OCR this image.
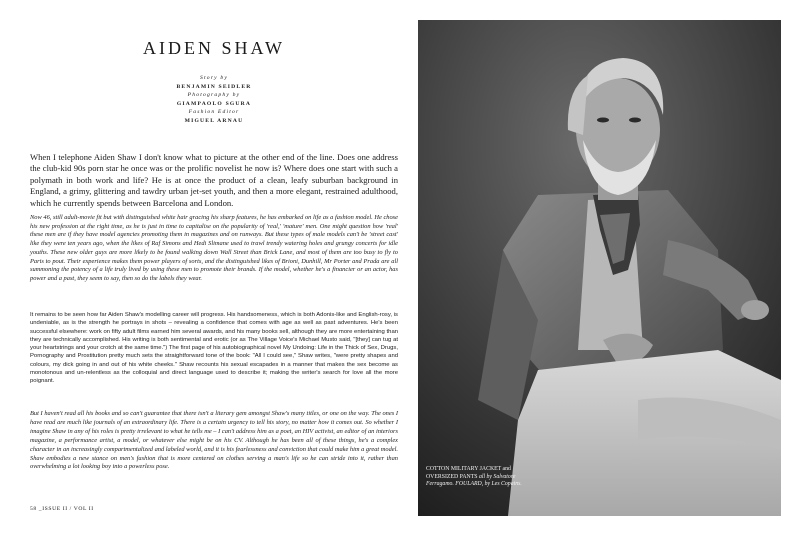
AIDEN SHAW
Story by
BENJAMIN SEIDLER
Photography by
GIAMPAOLO SGURA
Fashion Editor
MIGUEL ARNAU

When I telephone Aiden Shaw I don't know what to picture at the other end of the line. Does one address the club-kid 90s porn star he once was or the prolific novelist he now is? Where does one start with such a polymath in both work and life? He is at once the product of a clean, leafy suburban background in England, a grimy, glittering and tawdry urban jet-set youth, and then a more elegant, restrained adulthood, which he currently spends between Barcelona and London.

Now 46, still adult-movie fit but with distinguished white hair gracing his sharp features, he has embarked on life as a fashion model. He chose his new profession at the right time, as he is just in time to capitalise on the popularity of 'real,' 'mature' men. One might question how 'real' these men are if they have model agencies promoting them in magazines and on runways. But these types of male models can't be 'street cast' like they were ten years ago, when the likes of Raf Simons and Hedi Slimane used to trawl trendy watering holes and grungy concerts for idle youths. These new older guys are more likely to be found walking down Wall Street than Brick Lane, and most of them are too busy to fly to Paris to pout. Their experience makes them power players of sorts, and the distinguished likes of Brioni, Dunhill, Mr Porter and Prada are all summoning the potency of a life truly lived by using these men to promote their brands. If the model, whether he's a financier or an actor, has power and a past, they seem to say, then so do the labels they wear.

It remains to be seen how far Aiden Shaw's modelling career will progress. His handsomeness, which is both Adonis-like and English-rosy, is undeniable, as is the strength he portrays in shots – revealing a confidence that comes with age as well as past adventures. He's been successful elsewhere: work on fifty adult films earned him several awards, and his many books sell, although they are more entertaining than they are technically accomplished. His writing is both sentimental and erotic (or as The Village Voice's Michael Musto said, "[they] can tug at your heartstrings and your crotch at the same time.") The first page of his autobiographical novel My Undoing: Life in the Thick of Sex, Drugs, Pornography and Prostitution pretty much sets the straightforward tone of the book: "All I could see," Shaw writes, "were pretty shapes and colours, my dick going in and out of his white cheeks." Shaw recounts his sexual escapades in a manner that makes the sex become as monotonous and un-relentless as the colloquial and direct language used to describe it; making the writer's search for love all the more poignant.

But I haven't read all his books and so can't guarantee that there isn't a literary gem amongst Shaw's many titles, or one on the way. The ones I have read are much like journals of an extraordinary life. There is a certain urgency to tell his story, no matter how it comes out. So whether I imagine Shaw in any of his roles is pretty irrelevant to what he tells me – I can't address him as a poet, an HIV activist, an editor of an interiors magazine, a performance artist, a model, or whatever else might be on his CV. Although he has been all of these things, he's a complex character in an increasingly compartmentalized and labeled world, and it is his fearlessness and conviction that could make him a great model. Shaw embodies a new stance on men's fashion that is more centered on clothes serving a man's life so he can stride into it, rather than overwhelming a lot looking boy into a powerless pose.

58 _ISSUE II / VOL II
COTTON MILITARY JACKET and OVERSIZED PANTS all by Salvatore Ferragamo. FOULARD, by Les Copains.
